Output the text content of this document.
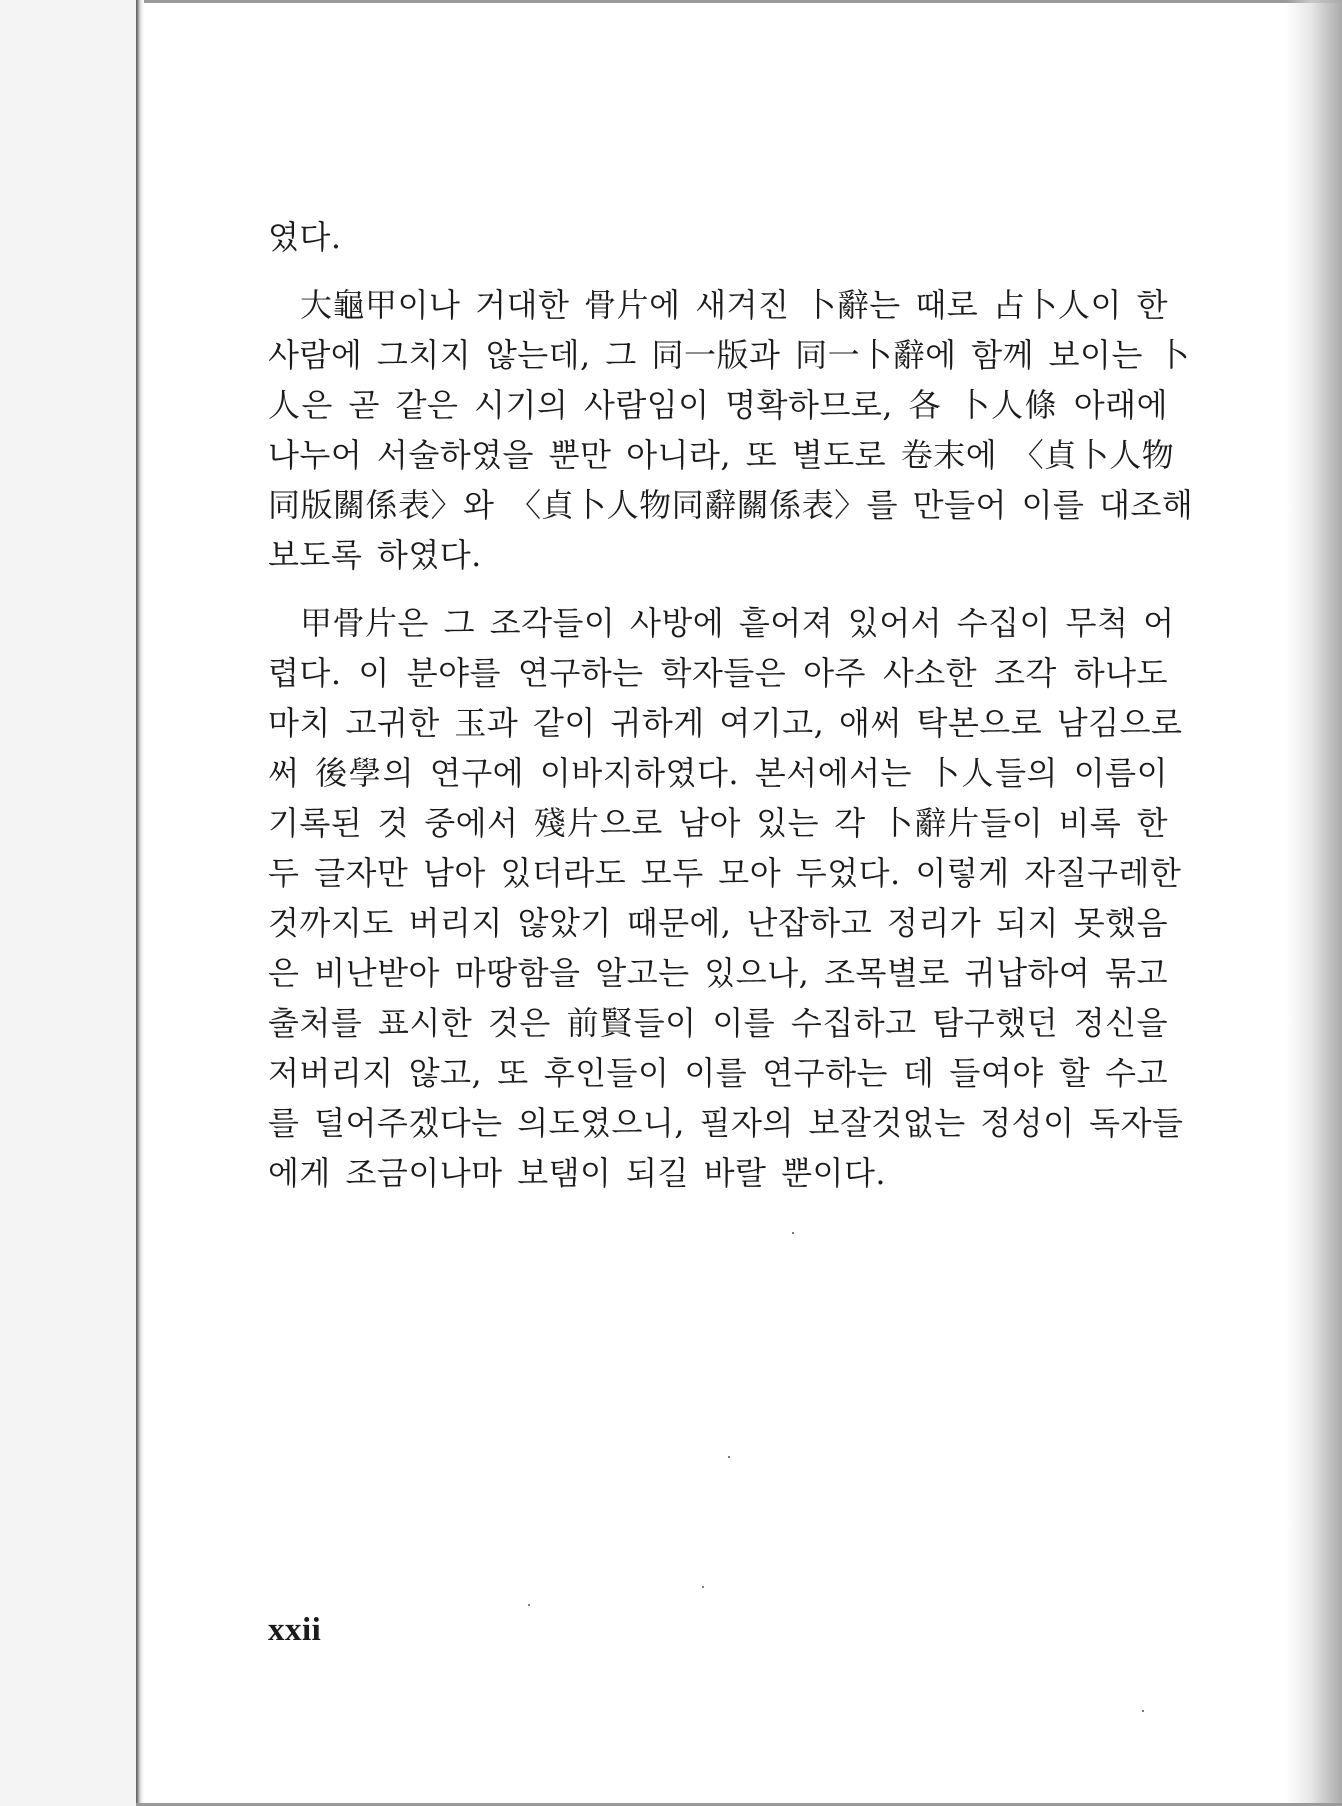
였다.
大龜甲이나 거대한 骨片에 새겨진 卜辭는 때로 占卜人이 한
사람에 그치지 않는데, 그 同一版과 同一卜辭에 함께 보이는 卜
人은 곧 같은 시기의 사람임이 명확하므로, 各 卜人條 아래에
나누어 서술하였을 뿐만 아니라, 또 별도로 卷末에 〈貞卜人物
同版關係表〉와 〈貞卜人物同辭關係表〉를 만들어 이를 대조해
보도록 하였다.
甲骨片은 그 조각들이 사방에 흩어져 있어서 수집이 무척 어
렵다. 이 분야를 연구하는 학자들은 아주 사소한 조각 하나도
마치 고귀한 玉과 같이 귀하게 여기고, 애써 탁본으로 남김으로
써 後學의 연구에 이바지하였다. 본서에서는 卜人들의 이름이
기록된 것 중에서 殘片으로 남아 있는 각 卜辭片들이 비록 한
두 글자만 남아 있더라도 모두 모아 두었다. 이렇게 자질구레한
것까지도 버리지 않았기 때문에, 난잡하고 정리가 되지 못했음
은 비난받아 마땅함을 알고는 있으나, 조목별로 귀납하여 묶고
출처를 표시한 것은 前賢들이 이를 수집하고 탐구했던 정신을
저버리지 않고, 또 후인들이 이를 연구하는 데 들여야 할 수고
를 덜어주겠다는 의도였으니, 필자의 보잘것없는 정성이 독자들
에게 조금이나마 보탬이 되길 바랄 뿐이다.
xxii
